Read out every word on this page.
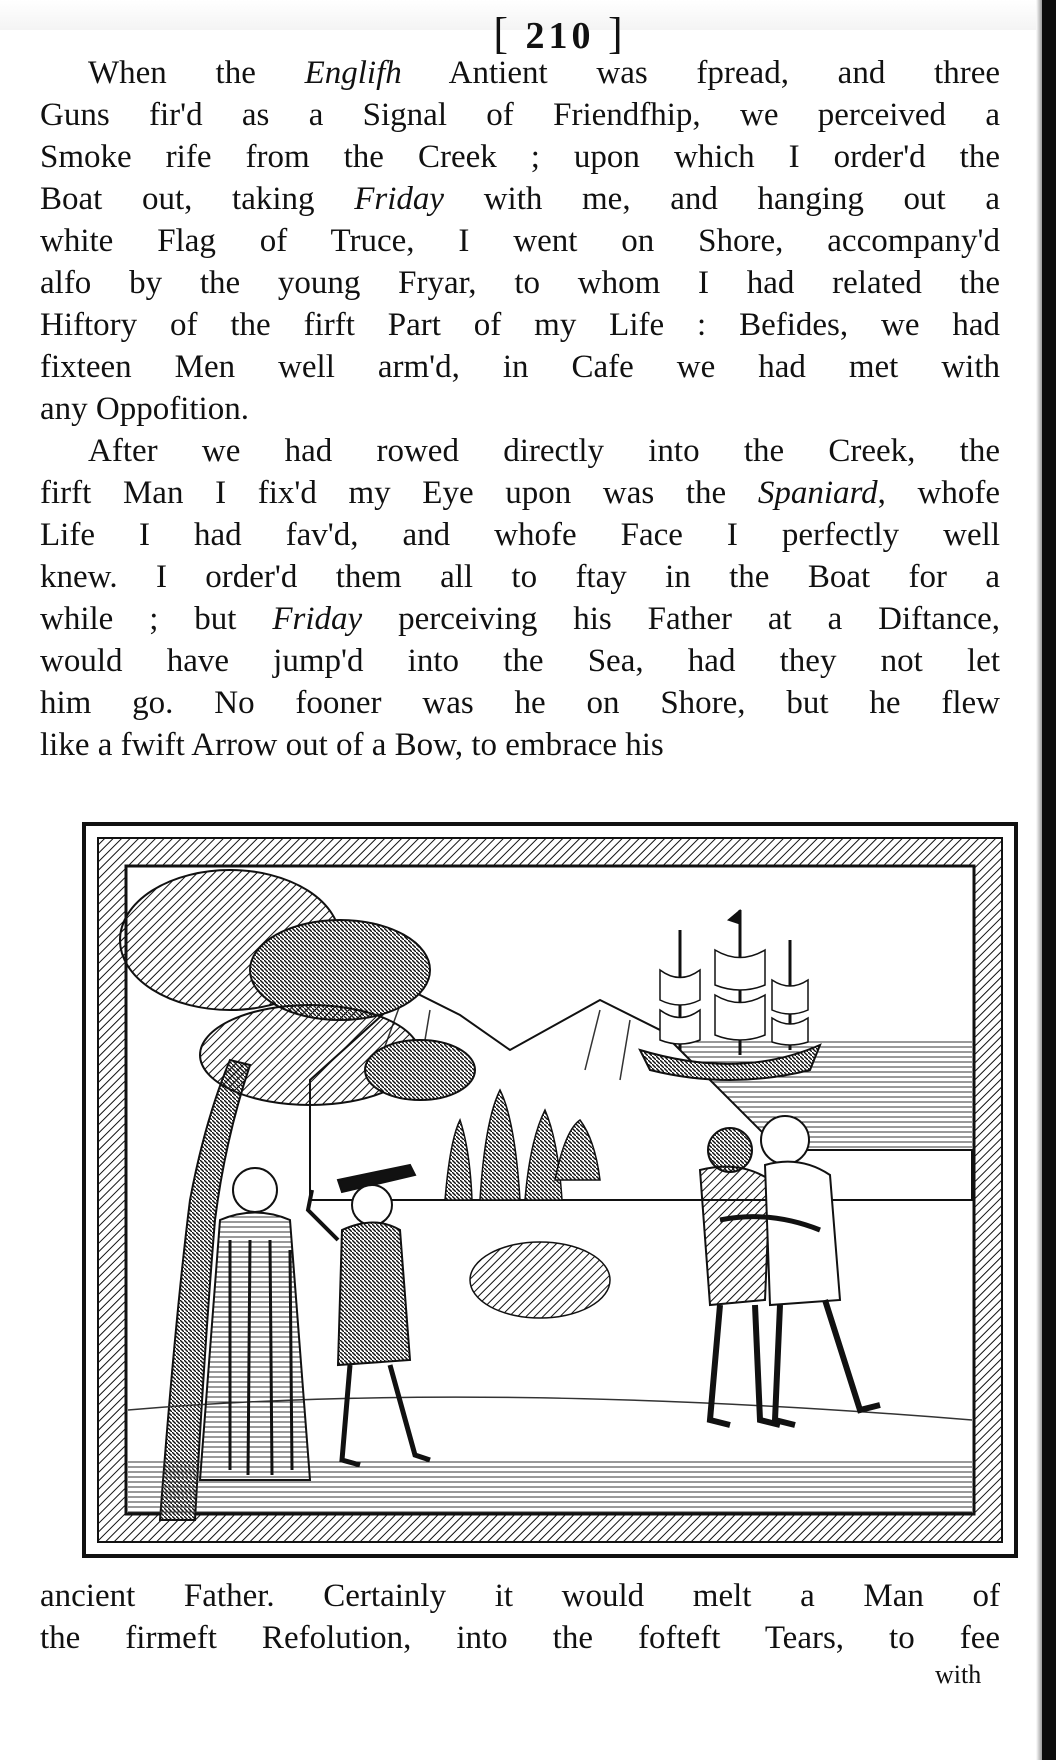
[ 210 ]

When the Englifh Antient was fpread, and three
Guns fir'd as a Signal of Friendfhip, we perceived a
Smoke rife from the Creek ; upon which I order'd the
Boat out, taking Friday with me, and hanging out a
white Flag of Truce, I went on Shore, accompany'd
alfo by the young Fryar, to whom I had related the
Hiftory of the firft Part of my Life : Befides, we had
fixteen Men well arm'd, in Cafe we had met with
any Oppofition.

After we had rowed directly into the Creek, the
firft Man I fix'd my Eye upon was the Spaniard, whofe
Life I had fav'd, and whofe Face I perfectly well
knew. I order'd them all to ftay in the Boat for a
while ; but Friday perceiving his Father at a Diftance,
would have jump'd into the Sea, had they not let
him go. No fooner was he on Shore, but he flew
like a fwift Arrow out of a Bow, to embrace his

ancient Father. Certainly it would melt a Man of
the firmeft Refolution, into the fofteft Tears, to fee
with
